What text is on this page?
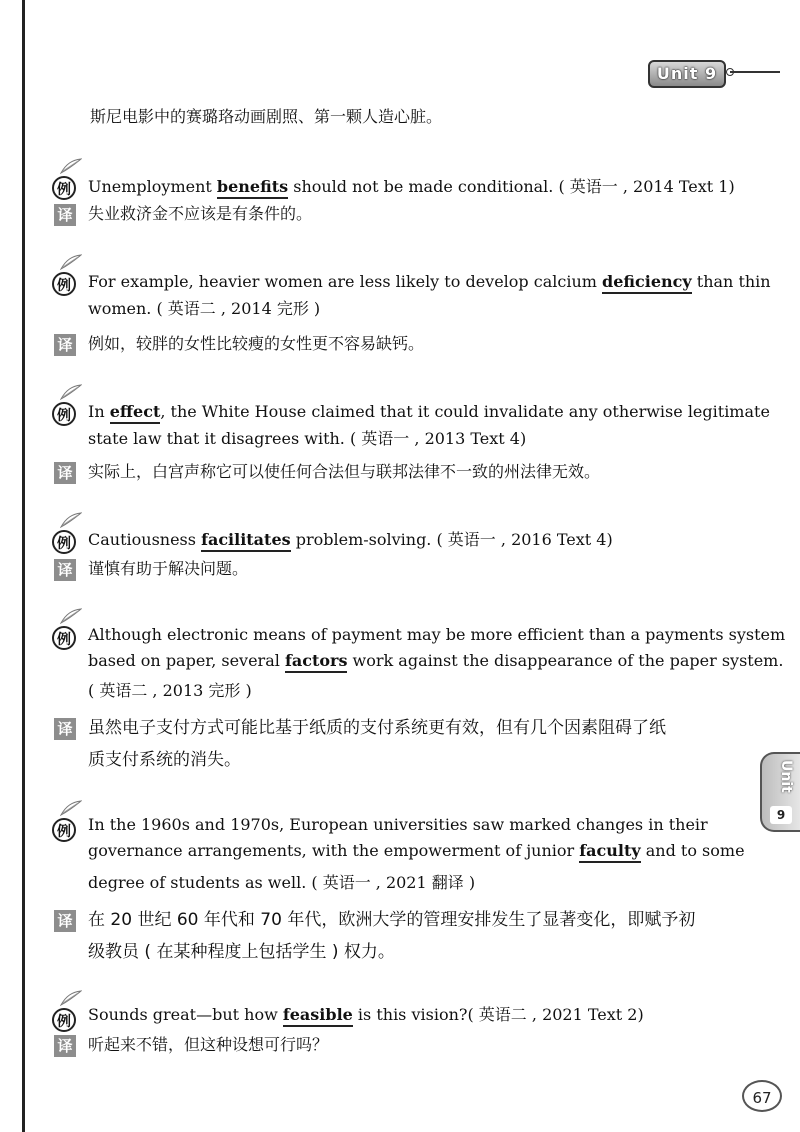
Unit 9
斯尼电影中的赛璐珞动画剧照、第一颗人造心脏。
例	Unemployment benefits should not be made conditional. ( 英语一 , 2014 Text 1)
译 失业救济金不应该是有条件的。
例	For example, heavier women are less likely to develop calcium deficiency than thin
women. ( 英语二 , 2014 完形 )
译 例如，较胖的女性比较瘦的女性更不容易缺钙。
例	In effect, the White House claimed that it could invalidate any otherwise legitimate
state law that it disagrees with. ( 英语一 , 2013 Text 4)
译 实际上，白宫声称它可以使任何合法但与联邦法律不一致的州法律无效。
例	Cautiousness facilitates problem-solving. ( 英语一 , 2016 Text 4)
译 谨慎有助于解决问题。
例	Although electronic means of payment may be more efficient than a payments system
based on paper, several factors work against the disappearance of the paper system.
( 英语二 , 2013 完形 )
译 虽然电子支付方式可能比基于纸质的支付系统更有效，但有几个因素阻碍了纸
质支付系统的消失。
例	In the 1960s and 1970s, European universities saw marked changes in their
governance arrangements, with the empowerment of junior faculty and to some
degree of students as well. ( 英语一 , 2021 翻译 )
译 在 20 世纪 60 年代和 70 年代，欧洲大学的管理安排发生了显著变化，即赋予初
级教员 ( 在某种程度上包括学生 ) 权力。
例	Sounds great—but how feasible is this vision?( 英语二 , 2021 Text 2)
译 听起来不错，但这种设想可行吗？
Unit
9
67
